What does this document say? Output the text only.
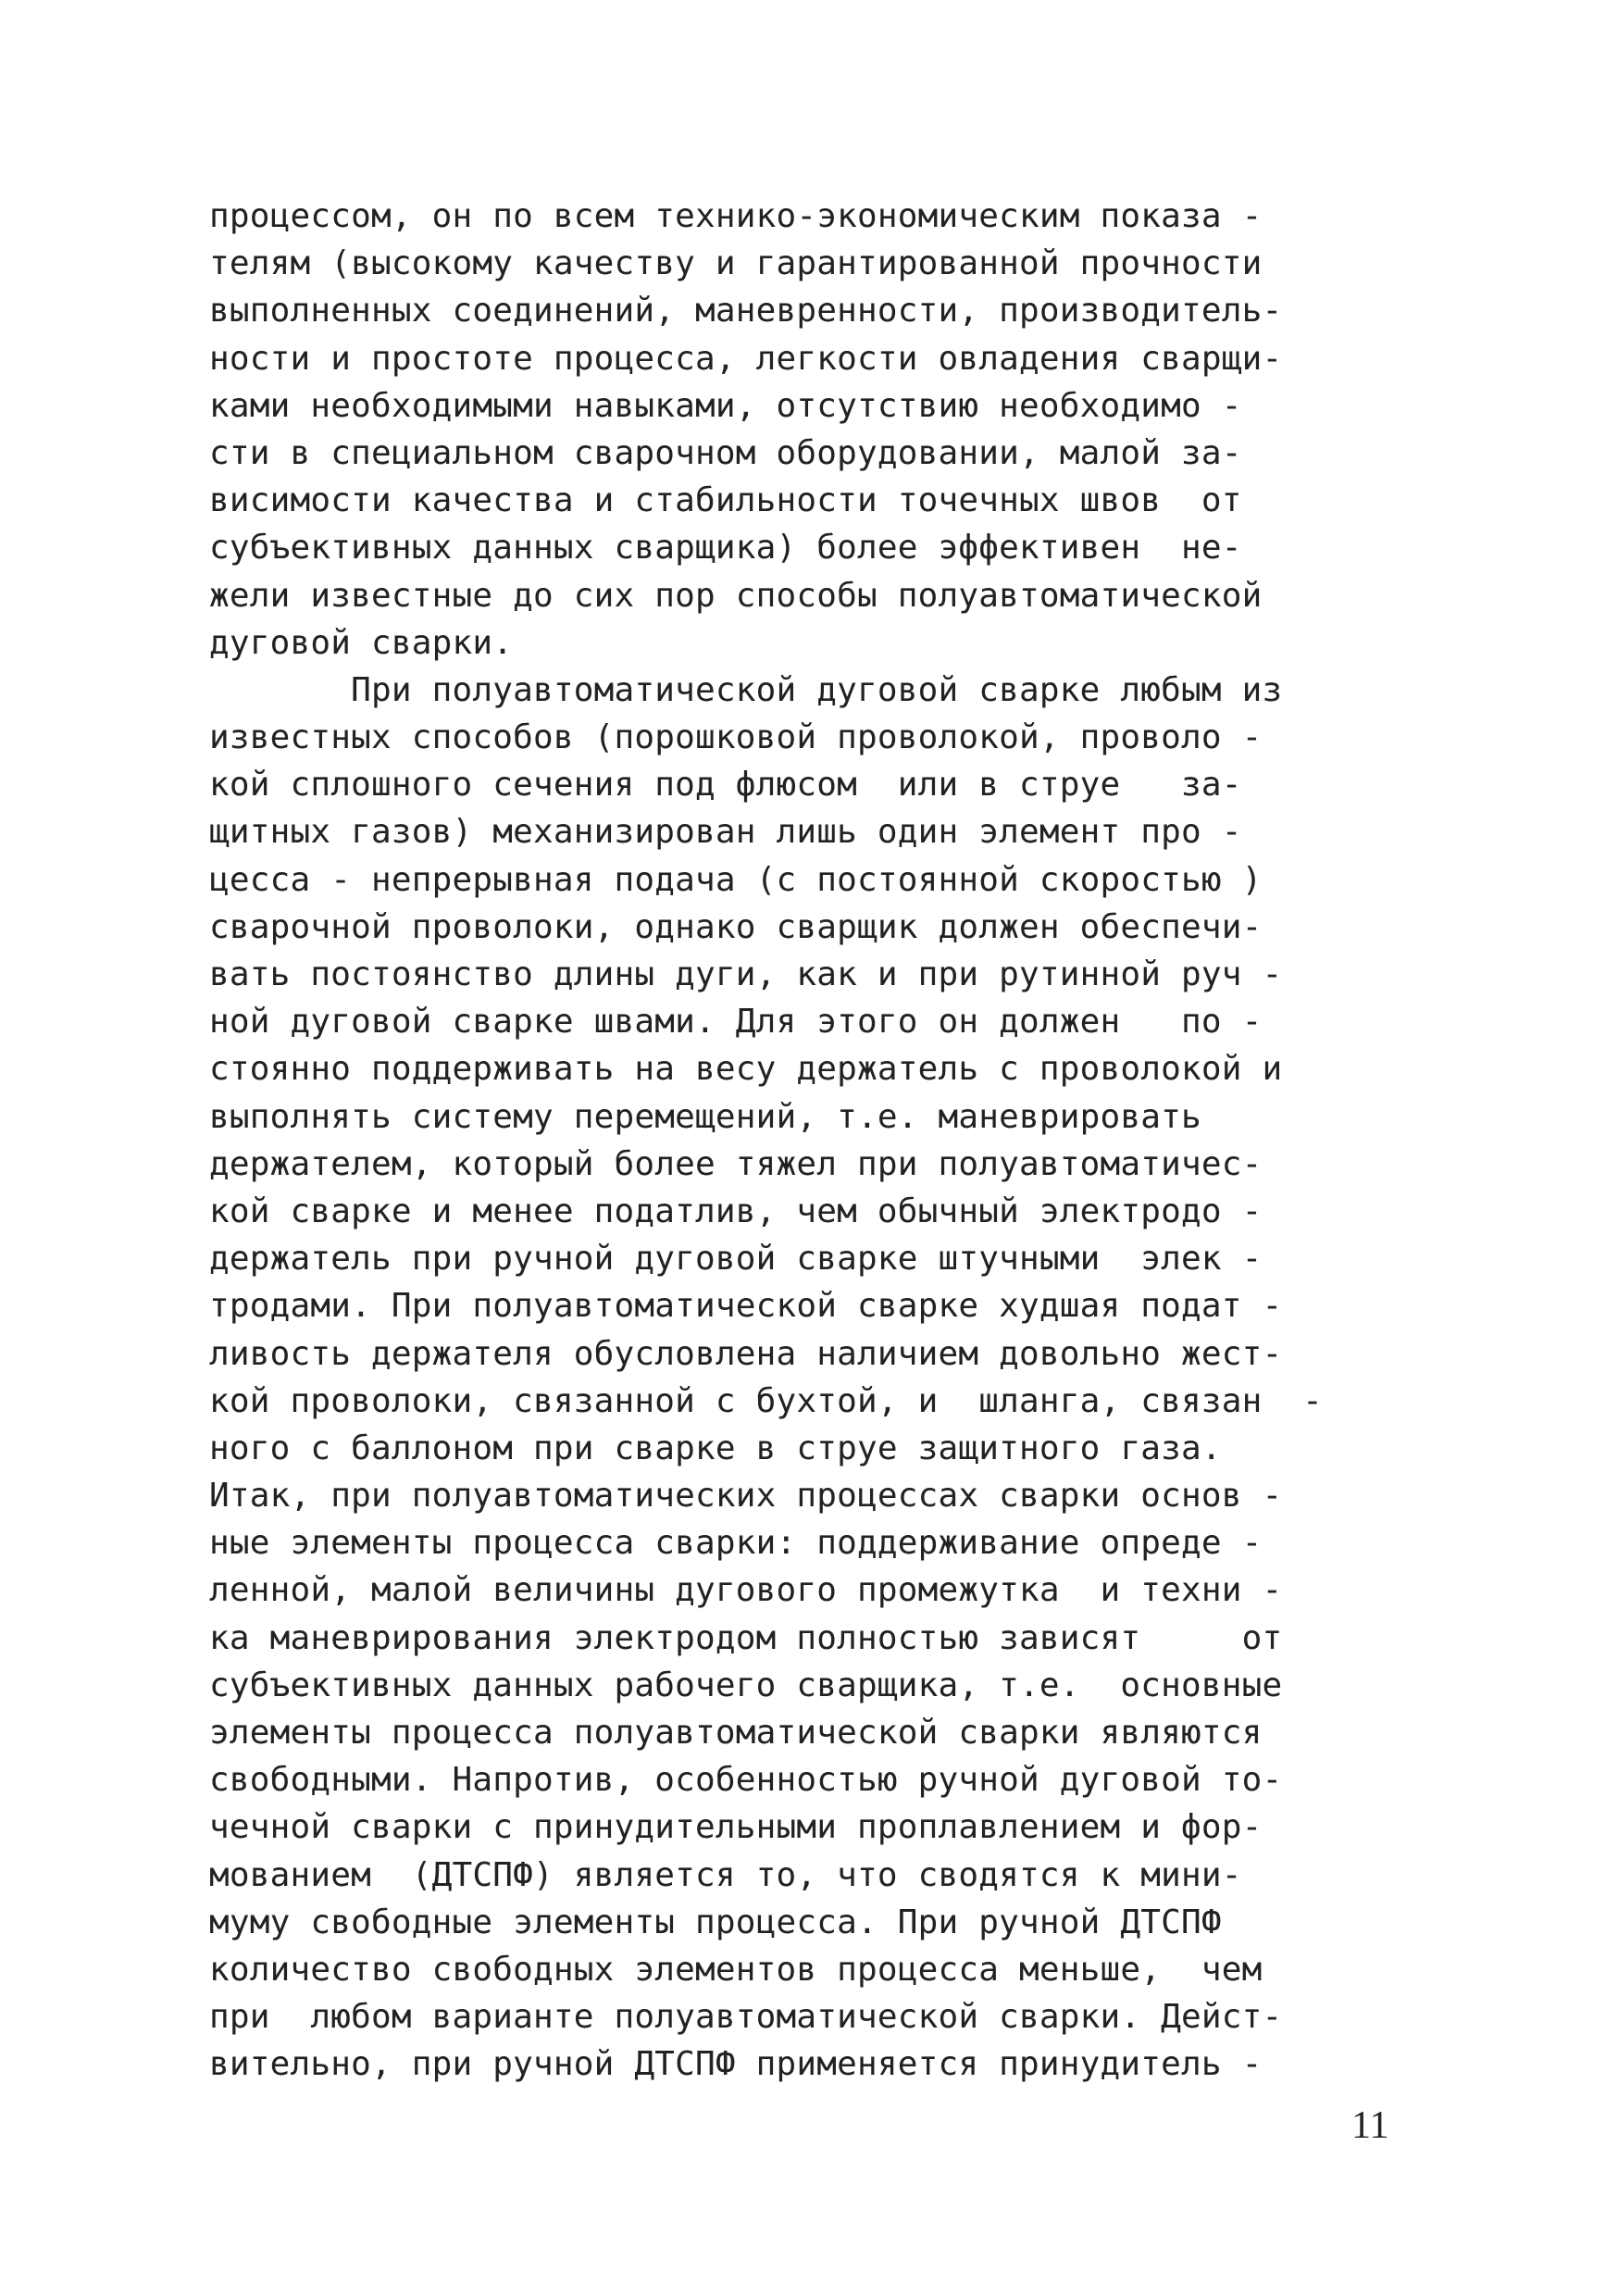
процессом, он по всем технико-экономическим показа -
телям (высокому качеству и гарантированной прочности
выполненных соединений, маневренности, производитель-
ности и простоте процесса, легкости овладения сварщи-
ками необходимыми навыками, отсутствию необходимо -
сти в специальном сварочном оборудовании, малой за-
висимости качества и стабильности точечных швов  от
субъективных данных сварщика) более эффективен  не-
жели известные до сих пор способы полуавтоматической
дуговой сварки.
При полуавтоматической дуговой сварке любым из
известных способов (порошковой проволокой, проволо -
кой сплошного сечения под флюсом  или в струе   за-
щитных газов) механизирован лишь один элемент про -
цесса - непрерывная подача (с постоянной скоростью )
сварочной проволоки, однако сварщик должен обеспечи-
вать постоянство длины дуги, как и при рутинной руч -
ной дуговой сварке швами. Для этого он должен   по -
стоянно поддерживать на весу держатель с проволокой и
выполнять систему перемещений, т.е. маневрировать
держателем, который более тяжел при полуавтоматичес-
кой сварке и менее податлив, чем обычный электродо -
держатель при ручной дуговой сварке штучными  элек -
тродами. При полуавтоматической сварке худшая подат -
ливость держателя обусловлена наличием довольно жест-
кой проволоки, связанной с бухтой, и  шланга, связан  -
ного с баллоном при сварке в струе защитного газа.
Итак, при полуавтоматических процессах сварки основ -
ные элементы процесса сварки: поддерживание опреде -
ленной, малой величины дугового промежутка  и техни -
ка маневрирования электродом полностью зависят     от
субъективных данных рабочего сварщика, т.е.  основные
элементы процесса полуавтоматической сварки являются
свободными. Напротив, особенностью ручной дуговой то-
чечной сварки с принудительными проплавлением и фор-
мованием  (ДТСПФ) является то, что сводятся к мини-
муму свободные элементы процесса. При ручной ДТСПФ
количество свободных элементов процесса меньше,  чем
при  любом варианте полуавтоматической сварки. Дейст-
вительно, при ручной ДТСПФ применяется принудитель -
11
